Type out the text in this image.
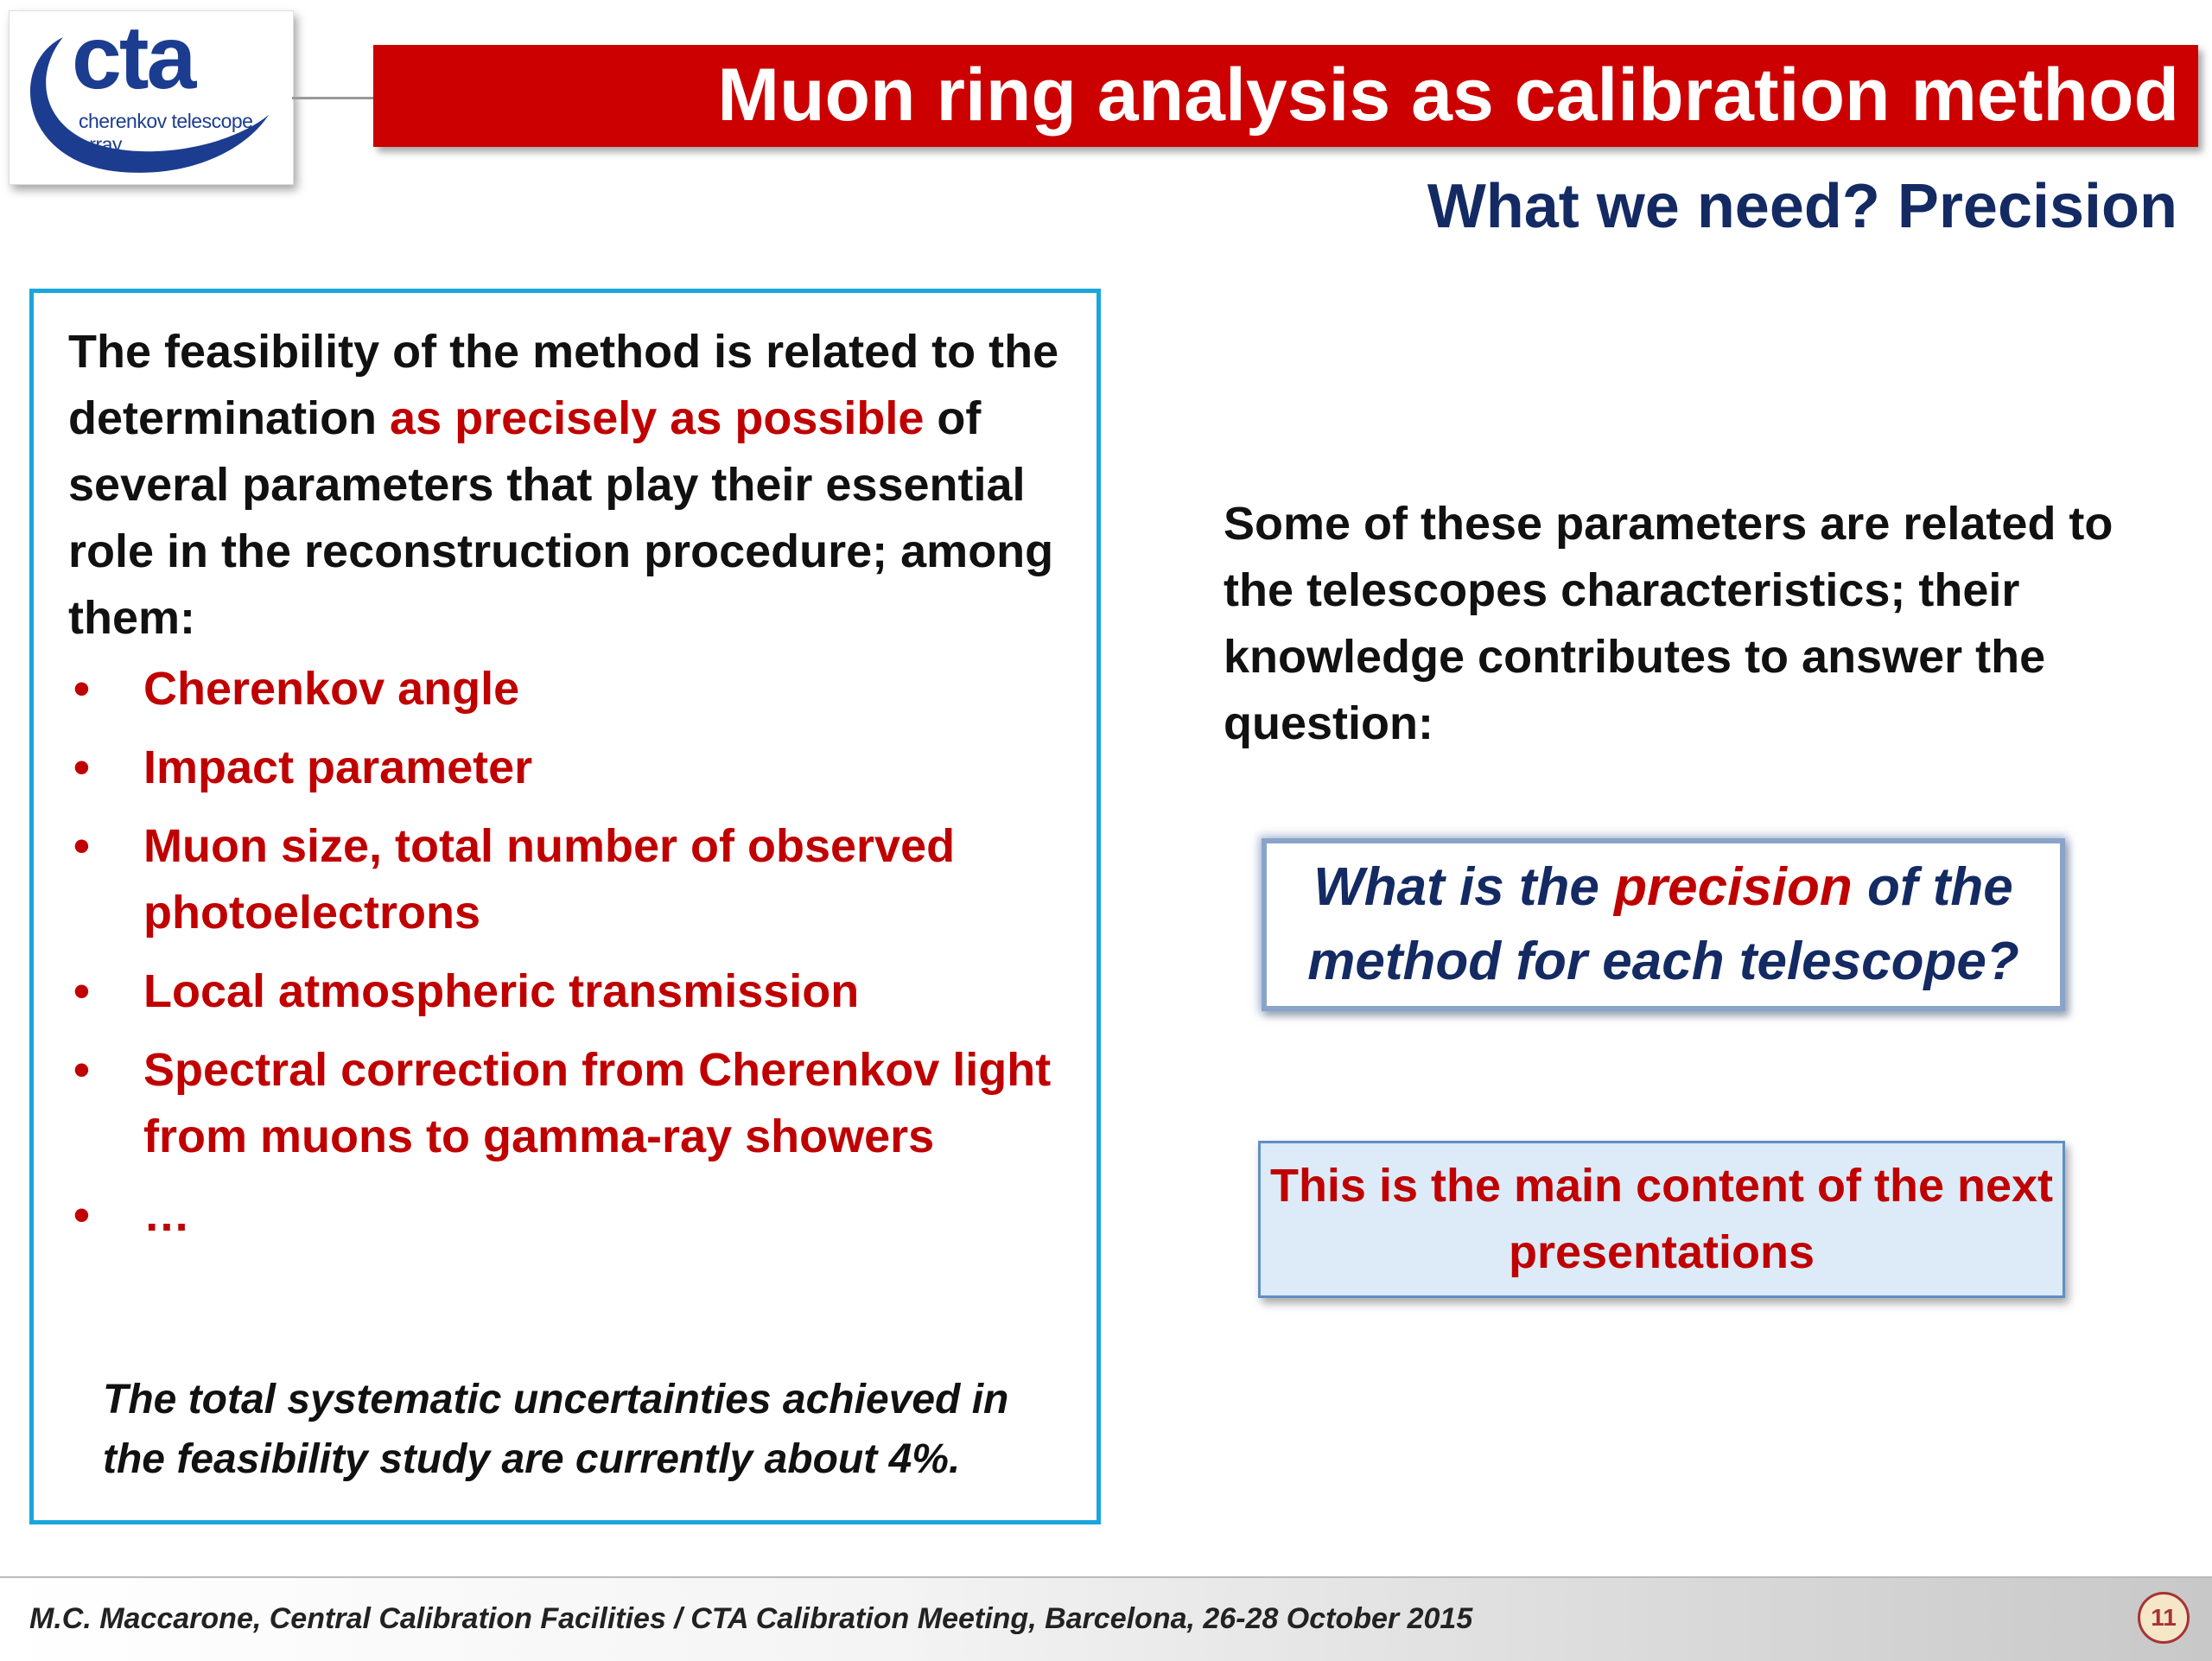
cta
cherenkov telescope array
Muon ring analysis as calibration method
What we need? Precision
The feasibility of the method is related to the determination as precisely as possible of several parameters that play their essential role in the reconstruction procedure; among them:
• Cherenkov angle
• Impact parameter
• Muon size, total number of observed photoelectrons
• Local atmospheric transmission
• Spectral correction from Cherenkov light from muons to gamma-ray showers
• …
The total systematic uncertainties achieved in the feasibility study are currently about 4%.
Some of these parameters are related to the telescopes characteristics; their knowledge contributes to answer the question:
What is the precision of the method for each telescope?
This is the main content of the next presentations
M.C. Maccarone, Central Calibration Facilities / CTA Calibration Meeting, Barcelona, 26-28 October 2015	11
